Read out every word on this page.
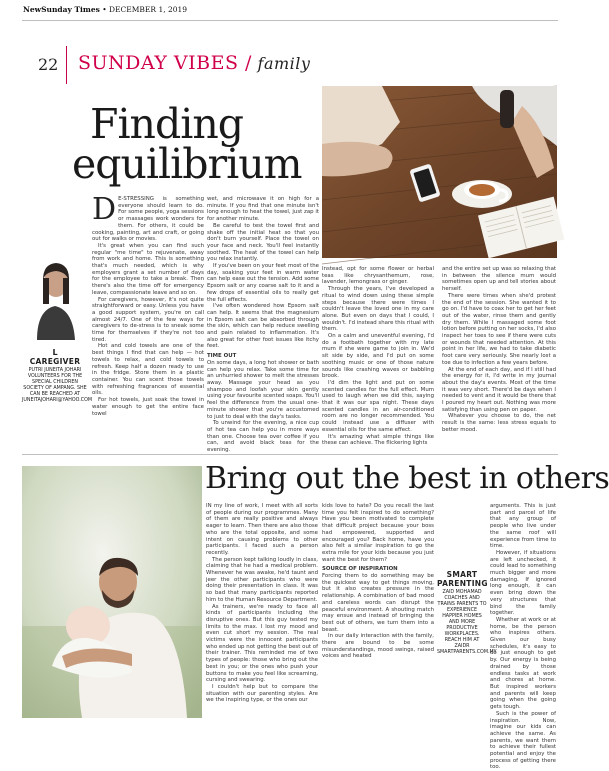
NewSunday Times • DECEMBER 1, 2019
22 SUNDAY VIBES / family
Finding
equilibrium
L
CAREGIVER
PUTRI JUNEITA JOHARI VOLUNTEERS FOR THE SPECIAL CHILDREN SOCIETY OF AMPANG. SHE CAN BE REACHED AT JUNEITAJOHARI@YAHOO.COM

D E-STRESSING is something everyone should learn to do. For some people, yoga sessions or massages work wonders for them. For others, it could be cooking, painting, art and craft, or going out for walks or movies.

It's great when you can find such regular "me time" to rejuvenate, away from work and home. This is something that's much needed, which is why employers grant a set number of days for the employee to take a break. Then there's also the time off for emergency leave, compassionate leave and so on.

For caregivers, however, it's not quite straightforward or easy. Unless you have a good support system, you're on call almost 24/7. One of the few ways for caregivers to de-stress is to sneak some time for themselves if they're not too tired.

Hot and cold towels are one of the best things I find that can help — hot towels to relax, and cold towels to refresh. Keep half a dozen ready to use in the fridge. Store them in a plastic container. You can scent those towels with refreshing fragrances of essential oils.

For hot towels, just soak the towel in water enough to get the entire face towel

wet, and microwave it on high for a minute. If you find that one minute isn't long enough to heat the towel, just zap it for another minute.

Be careful to test the towel first and shake off the initial heat so that you don't burn yourself. Place the towel on your face and neck. You'll feel instantly soothed. The heat of the towel can help you relax instantly.

If you've been on your feet most of the day, soaking your feet in warm water can help ease out the tension. Add some Epsom salt or any coarse salt to it and a few drops of essential oils to really get the full effects.

I've often wondered how Epsom salt can help. It seems that the magnesium in Epsom salt can be absorbed through the skin, which can help reduce swelling and pain related to inflammation. It's also great for other foot issues like itchy feet.

TIME OUT

On some days, a long hot shower or bath can help you relax. Take some time for an unhurried shower to melt the stresses away. Massage your head as you shampoo and loofah your skin gently using your favourite scented soaps. You'll feel the difference from the usual one-minute shower that you're accustomed to just to deal with the day's tasks.

To unwind for the evening, a nice cup of hot tea can help you in more ways than one. Choose tea over coffee if you can, and avoid black teas for the evening.

Instead, opt for some flower or herbal teas like chrysanthemum, rose, lavender, lemongrass or ginger.

Through the years, I've developed a ritual to wind down using these simple steps because there were times I couldn't leave the loved one in my care alone. But even on days that I could, I wouldn't. I'd instead share this ritual with them.

On a calm and uneventful evening, I'd do a footbath together with my late mum if she were game to join in. We'd sit side by side, and I'd put on some soothing music or one of those nature sounds like crashing waves or babbling brook.

I'd dim the light and put on some scented candles for the full effect. Mum used to laugh when we did this, saying that it was our spa night. These days scented candles in an air-conditioned room are no longer recommended. You could instead use a diffuser with essential oils for the same effect.

It's amazing what simple things like these can achieve. The flickering lights

and the entire set up was so relaxing that in between the silence mum would sometimes open up and tell stories about herself.

There were times when she'd protest the end of the session. She wanted it to go on. I'd have to coax her to get her feet out of the water, rinse them and gently dry them. While I massaged some foot lotion before putting on her socks, I'd also inspect her toes to see if there were cuts or wounds that needed attention. At this point in her life, we had to take diabetic foot care very seriously. She nearly lost a toe due to infection a few years before.

At the end of each day, and if I still had the energy for it, I'd write in my journal about the day's events. Most of the time it was very short. There'd be days when I needed to vent and it would be there that I poured my heart out. Nothing was more satisfying than using pen on paper.

Whatever you choose to do, the net result is the same: less stress equals to better mood.

Bring out the best in others

IN my line of work, I meet with all sorts of people during our programmes. Many of them are really positive and always eager to learn. Then there are also those who are the total opposite, and some intent on causing problems to other participants. I faced such a person recently.

The person kept talking loudly in class, claiming that he had a medical problem. Whenever he was awake, he'd taunt and jeer the other participants who were doing their presentation in class. It was so bad that many participants reported him to the Human Resource Department.

As trainers, we're ready to face all kinds of participants including the disruptive ones. But this guy tested my limits to the max. I lost my mood and even cut short my session. The real victims were the innocent participants who ended up not getting the best out of their trainer. This reminded me of two types of people: those who bring out the best in you; or the ones who push your buttons to make you feel like screaming, cursing and swearing.

I couldn't help but to compare the situation with our parenting styles. Are we the inspiring type, or the ones our

kids love to hate? Do you recall the last time you felt inspired to do something? Have you been motivated to complete that difficult project because your boss had empowered, supported and encouraged you? Back home, have you also felt a similar inspiration to go the extra mile for your kids because you just want the best for them?

SOURCE OF INSPIRATION

Forcing them to do something may be the quickest way to get things moving, but it also creates pressure in the relationship. A combination of bad mood and careless words can disrupt the peaceful environment. A shouting match may ensue and instead of bringing the best out of others, we turn them into a beast.

In our daily interaction with the family, there are bound to be some misunderstandings, mood swings, raised voices and heated

SMART
PARENTING
ZAID MOHAMAD COACHES AND TRAINS PARENTS TO EXPERIENCE HAPPIER HOMES AND MORE PRODUCTIVE WORKPLACES. REACH HIM AT ZAIDR SMARTPARENTS.COM.MY

arguments. This is just part and parcel of life that any group of people who live under the same roof will experience from time to time.

However, if situations are left unchecked, it could lead to something much bigger and more damaging. If ignored long enough, it can even bring down the very structures that bind the family together.

Whether at work or at home, be the person who inspires others. Given our busy schedules, it's easy to do just enough to get by. Our energy is being drained by those endless tasks at work and chores at home. But inspired workers and parents will keep going when the going gets tough.

Such is the power of inspiration. Now, imagine our kids can achieve the same. As parents, we want them to achieve their fullest potential and enjoy the process of getting there too.
